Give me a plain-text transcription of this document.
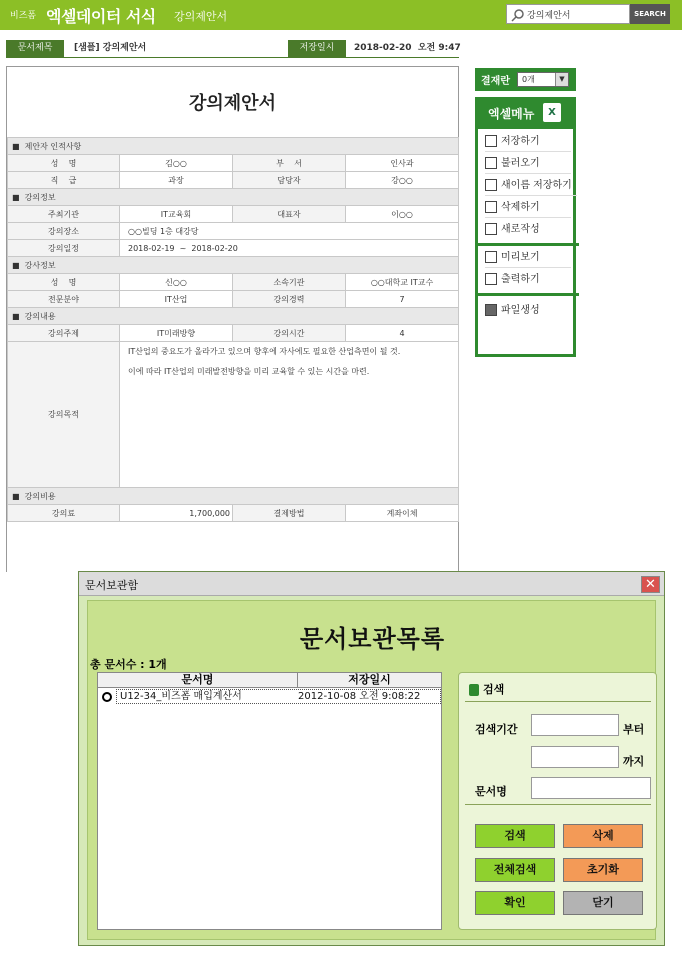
비즈폼 엑셀데이터 서식 강의제안서
강의제안서	SEARCH
문서제목	[샘플] 강의제안서	저장일시	2018-02-20  오전 9:47
강의제안서
■  제안자 인적사항			
성    명	김○○	부    서	인사과
직    급	과장	담당자	강○○
■  강의정보			
주최기관	IT교육회	대표자	이○○
강의장소	○○빌딩 1층 대강당		
강의일정	2018-02-19  ~  2018-02-20		
■  강사정보			
성    명	신○○	소속기관	○○대학교 IT교수
전문분야	IT산업	강의경력	7
■  강의내용			
강의주제	IT미래방향	강의시간	4
강의목적	IT산업의 중요도가 올라가고 있으며 향후에 자사에도 필요한 산업측면이 될 것.
이에 따라 IT산업의 미래발전방향을 미리 교육할 수 있는 시간을 마련.		

■  강의비용			
강의료	1,700,000	결제방법	계좌이체
결재란	0개	▼
엑셀메뉴	X
저장하기
불러오기
새이름 저장하기
삭제하기
새로작성
미리보기
출력하기
파일생성
문서보관함	✕
문서보관목록
총 문서수 : 1개
문서명	저장일시
U12-34_비즈폼 매입계산서	2012-10-08 오전 9:08:22
검색
검색기간	부터
까지
문서명
검색	삭제
전체검색	초기화
확인	닫기
